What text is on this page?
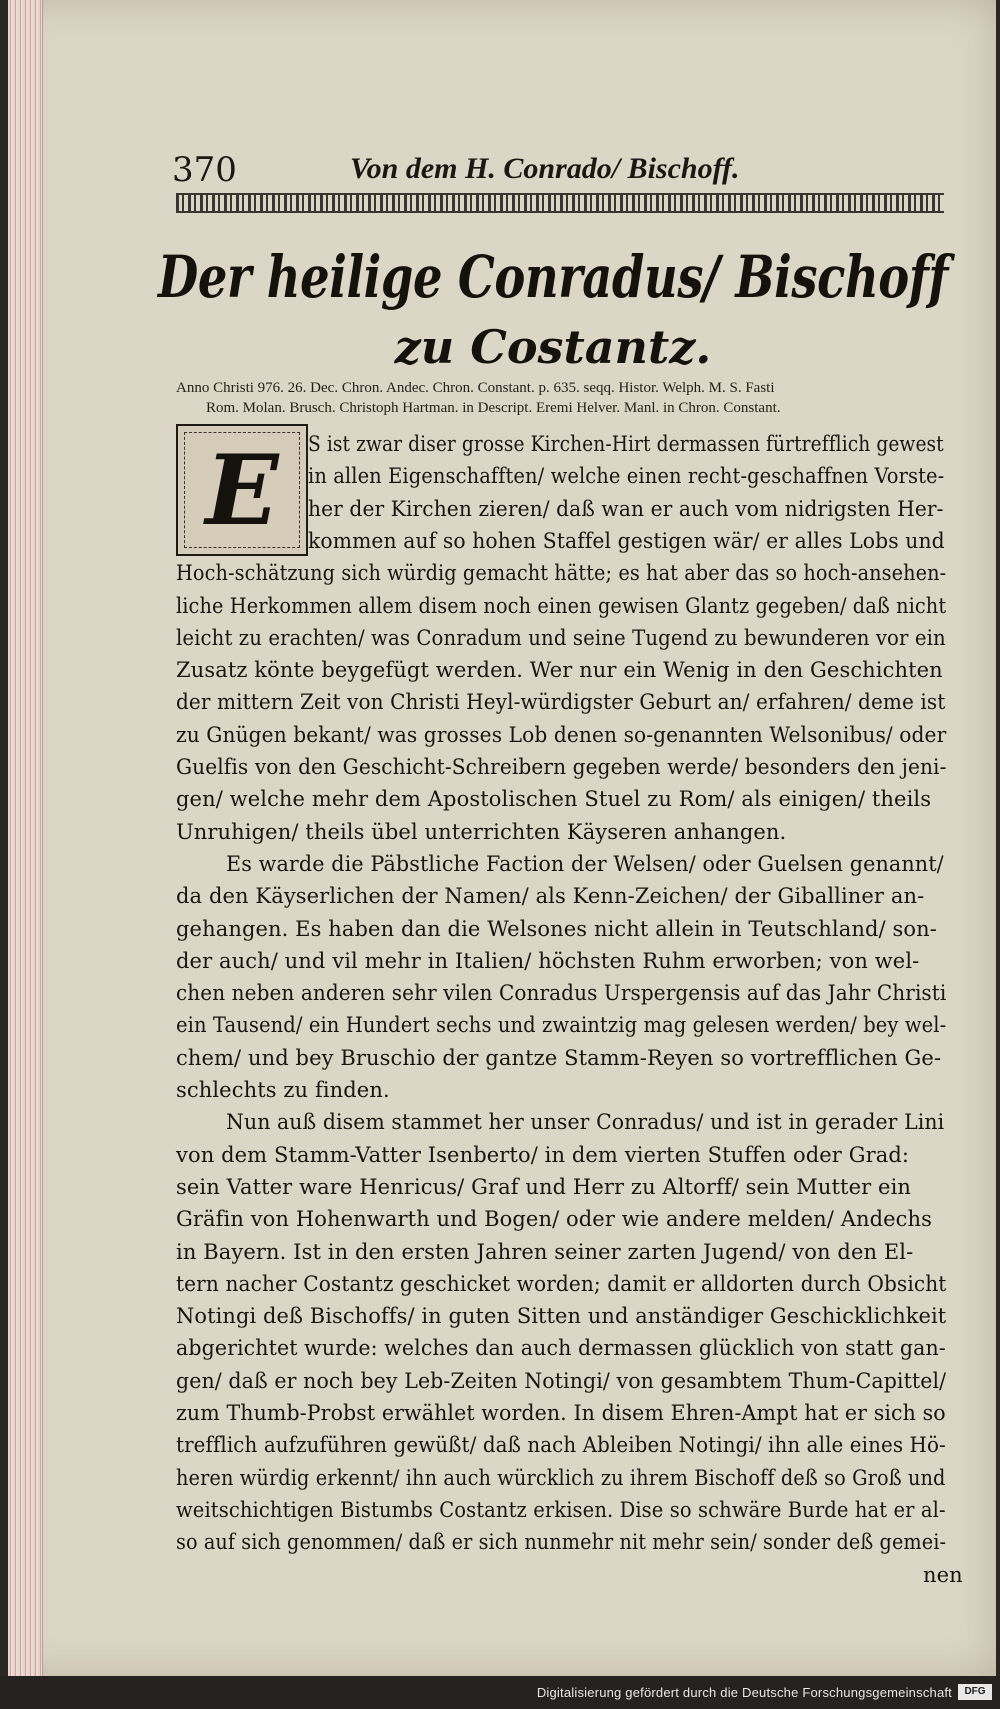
370	Von dem H. Conrado/ Bischoff.
Der heilige Conradus/ Bischoff
zu Costantz.
Anno Christi 976. 26. Dec. Chron. Andec. Chron. Constant. p. 635. seqq. Histor. Welph. M. S. Fasti
Rom. Molan. Brusch. Christoph Hartman. in Descript. Eremi Helver. Manl. in Chron. Constant.
E S ist zwar diser grosse Kirchen-Hirt dermassen fürtrefflich gewest
in allen Eigenschafften/ welche einen recht-geschaffnen Vorste-
her der Kirchen zieren/ daß wan er auch vom nidrigsten Her-
kommen auf so hohen Staffel gestigen wär/ er alles Lobs und
Hoch-schätzung sich würdig gemacht hätte; es hat aber das so hoch-ansehen-
liche Herkommen allem disem noch einen gewisen Glantz gegeben/ daß nicht
leicht zu erachten/ was Conradum und seine Tugend zu bewunderen vor ein
Zusatz könte beygefügt werden. Wer nur ein Wenig in den Geschichten
der mittern Zeit von Christi Heyl-würdigster Geburt an/ erfahren/ deme ist
zu Gnügen bekant/ was grosses Lob denen so-genannten Welsonibus/ oder
Guelfis von den Geschicht-Schreibern gegeben werde/ besonders den jeni-
gen/ welche mehr dem Apostolischen Stuel zu Rom/ als einigen/ theils
Unruhigen/ theils übel unterrichten Käyseren anhangen.
Es warde die Päbstliche Faction der Welsen/ oder Guelsen genannt/
da den Käyserlichen der Namen/ als Kenn-Zeichen/ der Giballiner an-
gehangen. Es haben dan die Welsones nicht allein in Teutschland/ son-
der auch/ und vil mehr in Italien/ höchsten Ruhm erworben; von wel-
chen neben anderen sehr vilen Conradus Urspergensis auf das Jahr Christi
ein Tausend/ ein Hundert sechs und zwaintzig mag gelesen werden/ bey wel-
chem/ und bey Bruschio der gantze Stamm-Reyen so vortrefflichen Ge-
schlechts zu finden.
Nun auß disem stammet her unser Conradus/ und ist in gerader Lini
von dem Stamm-Vatter Isenberto/ in dem vierten Stuffen oder Grad:
sein Vatter ware Henricus/ Graf und Herr zu Altorff/ sein Mutter ein
Gräfin von Hohenwarth und Bogen/ oder wie andere melden/ Andechs
in Bayern. Ist in den ersten Jahren seiner zarten Jugend/ von den El-
tern nacher Costantz geschicket worden; damit er alldorten durch Obsicht
Notingi deß Bischoffs/ in guten Sitten und anständiger Geschicklichkeit
abgerichtet wurde: welches dan auch dermassen glücklich von statt gan-
gen/ daß er noch bey Leb-Zeiten Notingi/ von gesambtem Thum-Capittel/
zum Thumb-Probst erwählet worden. In disem Ehren-Ampt hat er sich so
trefflich aufzuführen gewüßt/ daß nach Ableiben Notingi/ ihn alle eines Hö-
heren würdig erkennt/ ihn auch würcklich zu ihrem Bischoff deß so Groß und
weitschichtigen Bistumbs Costantz erkisen. Dise so schwäre Burde hat er al-
so auf sich genommen/ daß er sich nunmehr nit mehr sein/ sonder deß gemei-
nen
Digitalisierung gefördert durch die Deutsche Forschungsgemeinschaft	DFG
